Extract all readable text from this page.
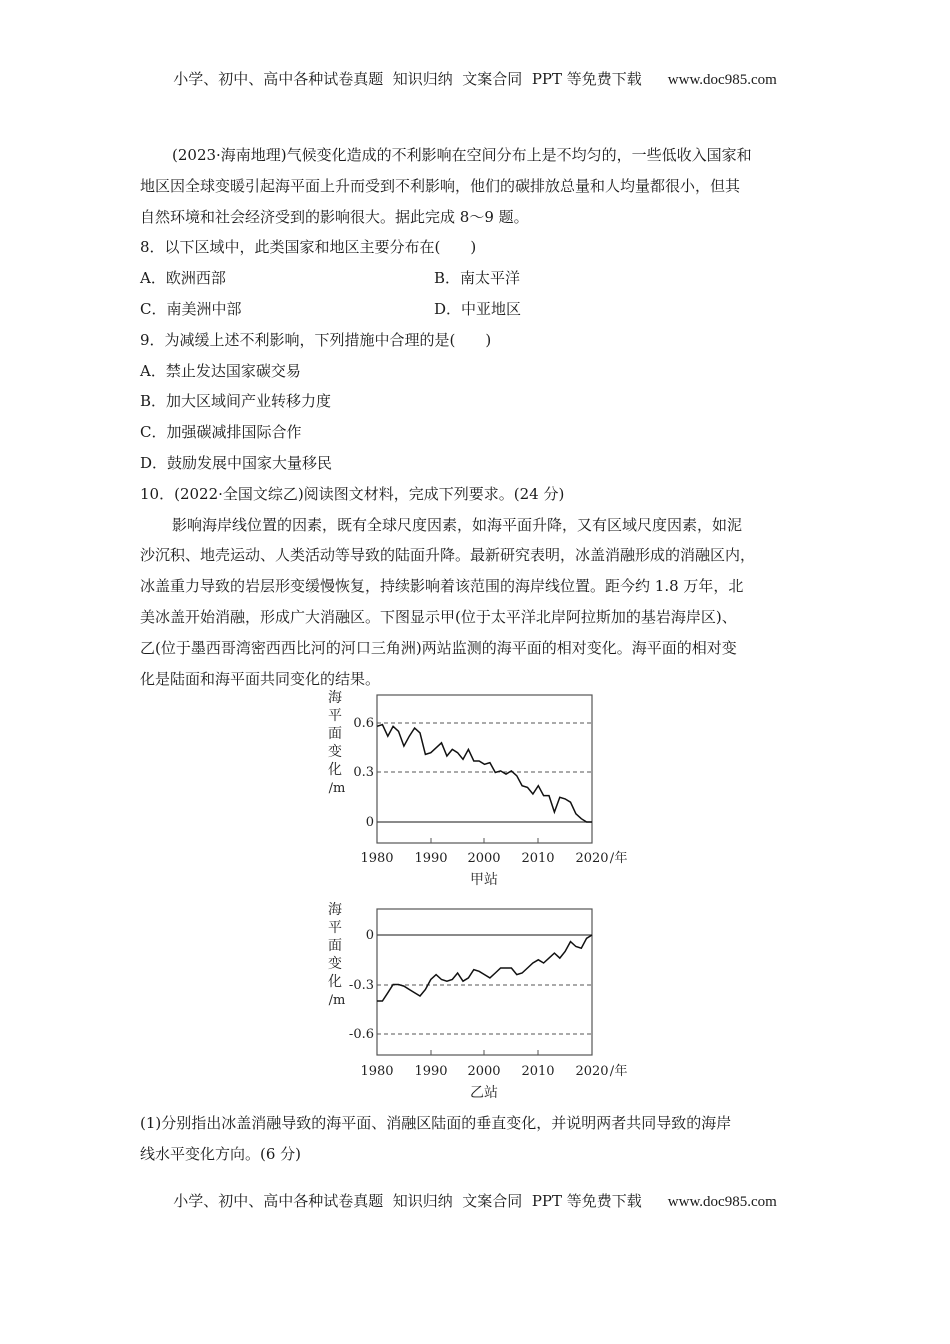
小学、初中、高中各种试卷真题  知识归纳  文案合同  PPT 等免费下载 www.doc985.com
(2023·海南地理)气候变化造成的不利影响在空间分布上是不均匀的，一些低收入国家和
地区因全球变暖引起海平面上升而受到不利影响，他们的碳排放总量和人均量都很小，但其
自然环境和社会经济受到的影响很大。据此完成 8～9 题。
8．以下区域中，此类国家和地区主要分布在(　　)
A．欧洲西部	B．南太平洋
C．南美洲中部	D．中亚地区
9．为减缓上述不利影响，下列措施中合理的是(　　)
A．禁止发达国家碳交易
B．加大区域间产业转移力度
C．加强碳减排国际合作
D．鼓励发展中国家大量移民
10．(2022·全国文综乙)阅读图文材料，完成下列要求。(24 分)
影响海岸线位置的因素，既有全球尺度因素，如海平面升降，又有区域尺度因素，如泥
沙沉积、地壳运动、人类活动等导致的陆面升降。最新研究表明，冰盖消融形成的消融区内，
冰盖重力导致的岩层形变缓慢恢复，持续影响着该范围的海岸线位置。距今约 1.8 万年，北
美冰盖开始消融，形成广大消融区。下图显示甲(位于太平洋北岸阿拉斯加的基岩海岸区)、
乙(位于墨西哥湾密西西比河的河口三角洲)两站监测的海平面的相对变化。海平面的相对变
化是陆面和海平面共同变化的结果。
海
平
面
变
化
/m
0.6
0.3
0
1980 1990 2000 2010 2020 年
/
甲站
海
平
面
变
化
/m
0
-0.3
-0.6
1980 1990 2000 2010 2020 年
/
乙站
(1)分别指出冰盖消融导致的海平面、消融区陆面的垂直变化，并说明两者共同导致的海岸
线水平变化方向。(6 分)
小学、初中、高中各种试卷真题  知识归纳  文案合同  PPT 等免费下载 www.doc985.com
